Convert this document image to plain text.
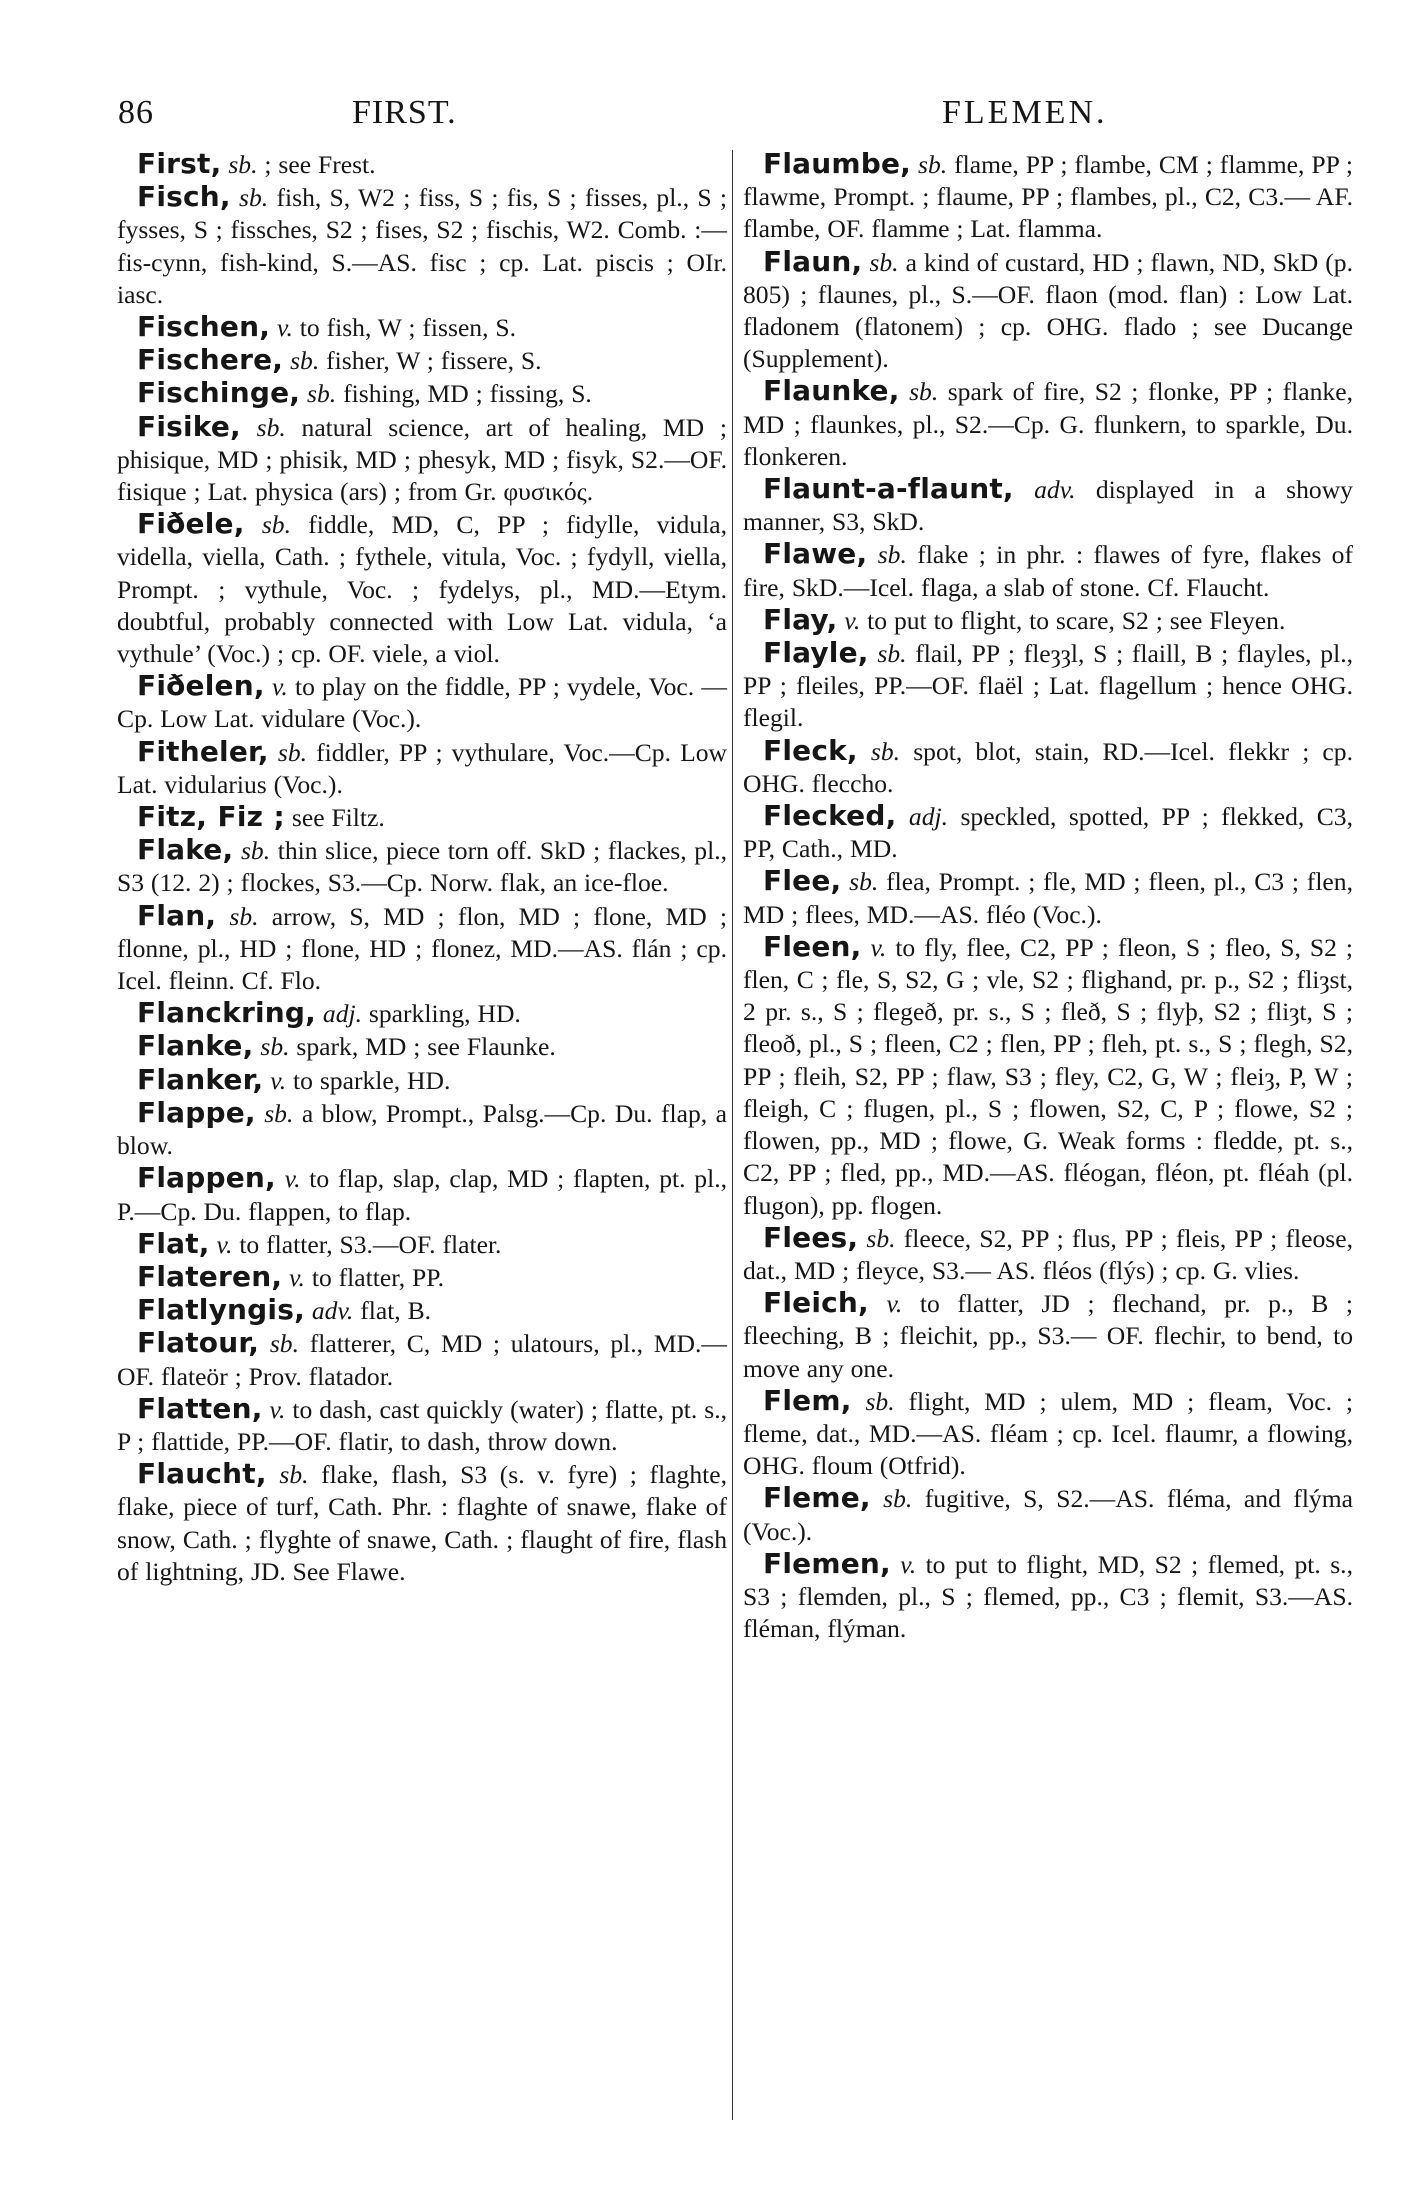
86	FIRST.	FLEMEN.

First, sb. ; see Frest.

Fisch, sb. fish, S, W2 ; fiss, S ; fis, S ; fisses, pl., S ; fysses, S ; fissches, S2 ; fises, S2 ; fischis, W2. Comb. :—fis-cynn, fish-kind, S.—AS. fisc ; cp. Lat. piscis ; OIr. iasc.

Fischen, v. to fish, W ; fissen, S.

Fischere, sb. fisher, W ; fissere, S.

Fischinge, sb. fishing, MD ; fissing, S.

Fisike, sb. natural science, art of healing, MD ; phisique, MD ; phisik, MD ; phesyk, MD ; fisyk, S2.—OF. fisique ; Lat. physica (ars) ; from Gr. φυσικός.

Fiðele, sb. fiddle, MD, C, PP ; fidylle, vidula, vidella, viella, Cath. ; fythele, vitula, Voc. ; fydyll, viella, Prompt. ; vythule, Voc. ; fydelys, pl., MD.—Etym. doubtful, probably connected with Low Lat. vidula, ‘a vythule’ (Voc.) ; cp. OF. viele, a viol.

Fiðelen, v. to play on the fiddle, PP ; vydele, Voc. — Cp. Low Lat. vidulare (Voc.).

Fitheler, sb. fiddler, PP ; vythulare, Voc.—Cp. Low Lat. vidularius (Voc.).

Fitz, Fiz ; see Filtz.

Flake, sb. thin slice, piece torn off. SkD ; flackes, pl., S3 (12. 2) ; flockes, S3.—Cp. Norw. flak, an ice-floe.

Flan, sb. arrow, S, MD ; flon, MD ; flone, MD ; flonne, pl., HD ; flone, HD ; flonez, MD.—AS. flán ; cp. Icel. fleinn. Cf. Flo.

Flanckring, adj. sparkling, HD.

Flanke, sb. spark, MD ; see Flaunke.

Flanker, v. to sparkle, HD.

Flappe, sb. a blow, Prompt., Palsg.—Cp. Du. flap, a blow.

Flappen, v. to flap, slap, clap, MD ; flapten, pt. pl., P.—Cp. Du. flappen, to flap.

Flat, v. to flatter, S3.—OF. flater.

Flateren, v. to flatter, PP.

Flatlyngis, adv. flat, B.

Flatour, sb. flatterer, C, MD ; ulatours, pl., MD.—OF. flateör ; Prov. flatador.

Flatten, v. to dash, cast quickly (water) ; flatte, pt. s., P ; flattide, PP.—OF. flatir, to dash, throw down.

Flaucht, sb. flake, flash, S3 (s. v. fyre) ; flaghte, flake, piece of turf, Cath. Phr. : flaghte of snawe, flake of snow, Cath. ; flyghte of snawe, Cath. ; flaught of fire, flash of lightning, JD. See Flawe.

Flaumbe, sb. flame, PP ; flambe, CM ; flamme, PP ; flawme, Prompt. ; flaume, PP ; flambes, pl., C2, C3.— AF. flambe, OF. flamme ; Lat. flamma.

Flaun, sb. a kind of custard, HD ; flawn, ND, SkD (p. 805) ; flaunes, pl., S.—OF. flaon (mod. flan) : Low Lat. fladonem (flatonem) ; cp. OHG. flado ; see Ducange (Supplement).

Flaunke, sb. spark of fire, S2 ; flonke, PP ; flanke, MD ; flaunkes, pl., S2.—Cp. G. flunkern, to sparkle, Du. flonkeren.

Flaunt-a-flaunt, adv. displayed in a showy manner, S3, SkD.

Flawe, sb. flake ; in phr. : flawes of fyre, flakes of fire, SkD.—Icel. flaga, a slab of stone. Cf. Flaucht.

Flay, v. to put to flight, to scare, S2 ; see Fleyen.

Flayle, sb. flail, PP ; fleȝȝl, S ; flaill, B ; flayles, pl., PP ; fleiles, PP.—OF. flaël ; Lat. flagellum ; hence OHG. flegil.

Fleck, sb. spot, blot, stain, RD.—Icel. flekkr ; cp. OHG. fleccho.

Flecked, adj. speckled, spotted, PP ; flekked, C3, PP, Cath., MD.

Flee, sb. flea, Prompt. ; fle, MD ; fleen, pl., C3 ; flen, MD ; flees, MD.—AS. fléo (Voc.).

Fleen, v. to fly, flee, C2, PP ; fleon, S ; fleo, S, S2 ; flen, C ; fle, S, S2, G ; vle, S2 ; flighand, pr. p., S2 ; fliȝst, 2 pr. s., S ; flegeð, pr. s., S ; fleð, S ; flyþ, S2 ; fliȝt, S ; fleoð, pl., S ; fleen, C2 ; flen, PP ; fleh, pt. s., S ; flegh, S2, PP ; fleih, S2, PP ; flaw, S3 ; fley, C2, G, W ; fleiȝ, P, W ; fleigh, C ; flugen, pl., S ; flowen, S2, C, P ; flowe, S2 ; flowen, pp., MD ; flowe, G. Weak forms : fledde, pt. s., C2, PP ; fled, pp., MD.—AS. fléogan, fléon, pt. fléah (pl. flugon), pp. flogen.

Flees, sb. fleece, S2, PP ; flus, PP ; fleis, PP ; fleose, dat., MD ; fleyce, S3.— AS. fléos (flýs) ; cp. G. vlies.

Fleich, v. to flatter, JD ; flechand, pr. p., B ; fleeching, B ; fleichit, pp., S3.— OF. flechir, to bend, to move any one.

Flem, sb. flight, MD ; ulem, MD ; fleam, Voc. ; fleme, dat., MD.—AS. fléam ; cp. Icel. flaumr, a flowing, OHG. floum (Otfrid).

Fleme, sb. fugitive, S, S2.—AS. fléma, and flýma (Voc.).

Flemen, v. to put to flight, MD, S2 ; flemed, pt. s., S3 ; flemden, pl., S ; flemed, pp., C3 ; flemit, S3.—AS. fléman, flýman.
